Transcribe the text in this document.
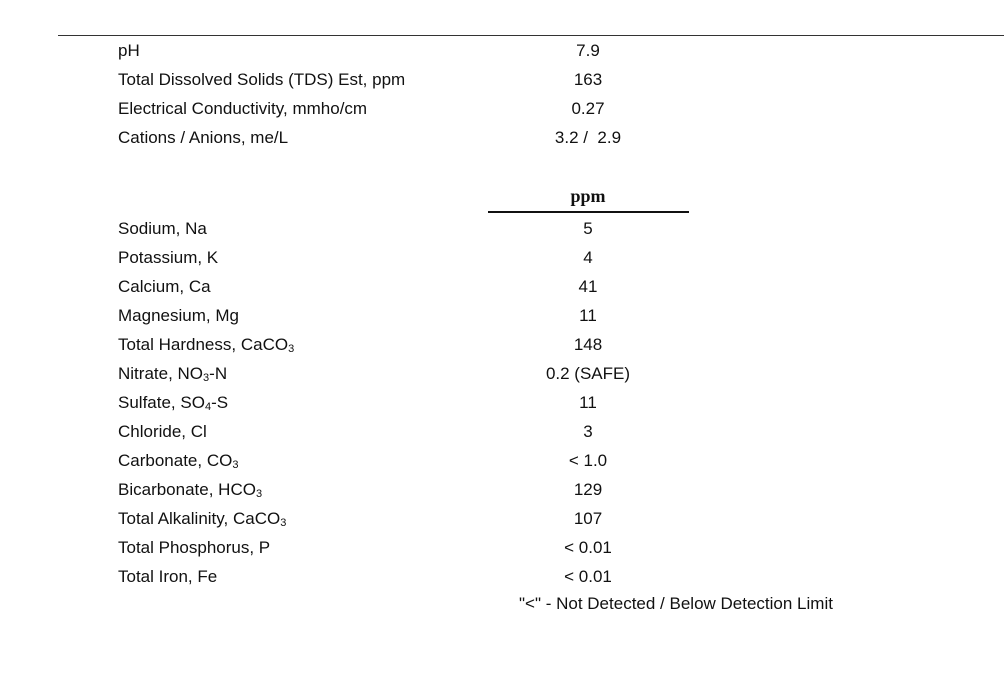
pH	7.9
Total Dissolved Solids (TDS) Est, ppm	163
Electrical Conductivity, mmho/cm	0.27
Cations / Anions, me/L	3.2 /  2.9
ppm
Sodium, Na	5
Potassium, K	4
Calcium, Ca	41
Magnesium, Mg	11
Total Hardness, CaCO3	148
Nitrate, NO3-N	0.2 (SAFE)
Sulfate, SO4-S	11
Chloride, Cl	3
Carbonate, CO3	< 1.0
Bicarbonate, HCO3	129
Total Alkalinity, CaCO3	107
Total Phosphorus, P	< 0.01
Total Iron, Fe	< 0.01
"<" - Not Detected / Below Detection Limit
